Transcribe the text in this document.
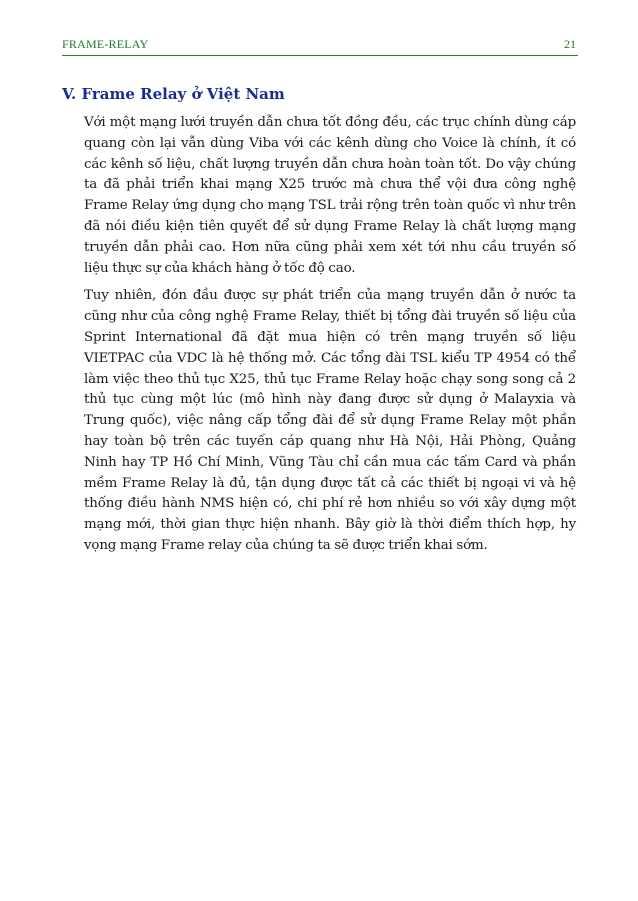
FRAME-RELAY	21
V. Frame Relay ở Việt Nam

Với một mạng lưới truyền dẫn chưa tốt đồng đều, các trục chính dùng cáp quang còn lại vẫn dùng Viba với các kênh dùng cho Voice là chính, ít có các kênh số liệu, chất lượng truyền dẫn chưa hoàn toàn tốt. Do vậy chúng ta đã phải triển khai mạng X25 trước mà chưa thể vội đưa công nghệ Frame Relay ứng dụng cho mạng TSL trải rộng trên toàn quốc vì như trên đã nói điều kiện tiên quyết để sử dụng Frame Relay là chất lượng mạng truyền dẫn phải cao. Hơn nữa cũng phải xem xét tới nhu cầu truyền số liệu thực sự của khách hàng ở tốc độ cao.

Tuy nhiên, đón đầu được sự phát triển của mạng truyền dẫn ở nước ta cũng như của công nghệ Frame Relay, thiết bị tổng đài truyền số liệu của Sprint International đã đặt mua hiện có trên mạng truyền số liệu VIETPAC của VDC là hệ thống mở. Các tổng đài TSL kiểu TP 4954 có thể làm việc theo thủ tục X25, thủ tục Frame Relay hoặc chạy song song cả 2 thủ tục cùng một lúc (mô hình này đang được sử dụng ở Malayxia và Trung quốc), việc nâng cấp tổng đài để sử dụng Frame Relay một phần hay toàn bộ trên các tuyến cáp quang như Hà Nội, Hải Phòng, Quảng Ninh hay TP Hồ Chí Minh, Vũng Tàu chỉ cần mua các tấm Card và phần mềm Frame Relay là đủ, tận dụng được tất cả các thiết bị ngoại vi và hệ thống điều hành NMS hiện có, chi phí rẻ hơn nhiều so với xây dựng một mạng mới, thời gian thực hiện nhanh. Bây giờ là thời điểm thích hợp, hy vọng mạng Frame relay của chúng ta sẽ được triển khai sớm.
